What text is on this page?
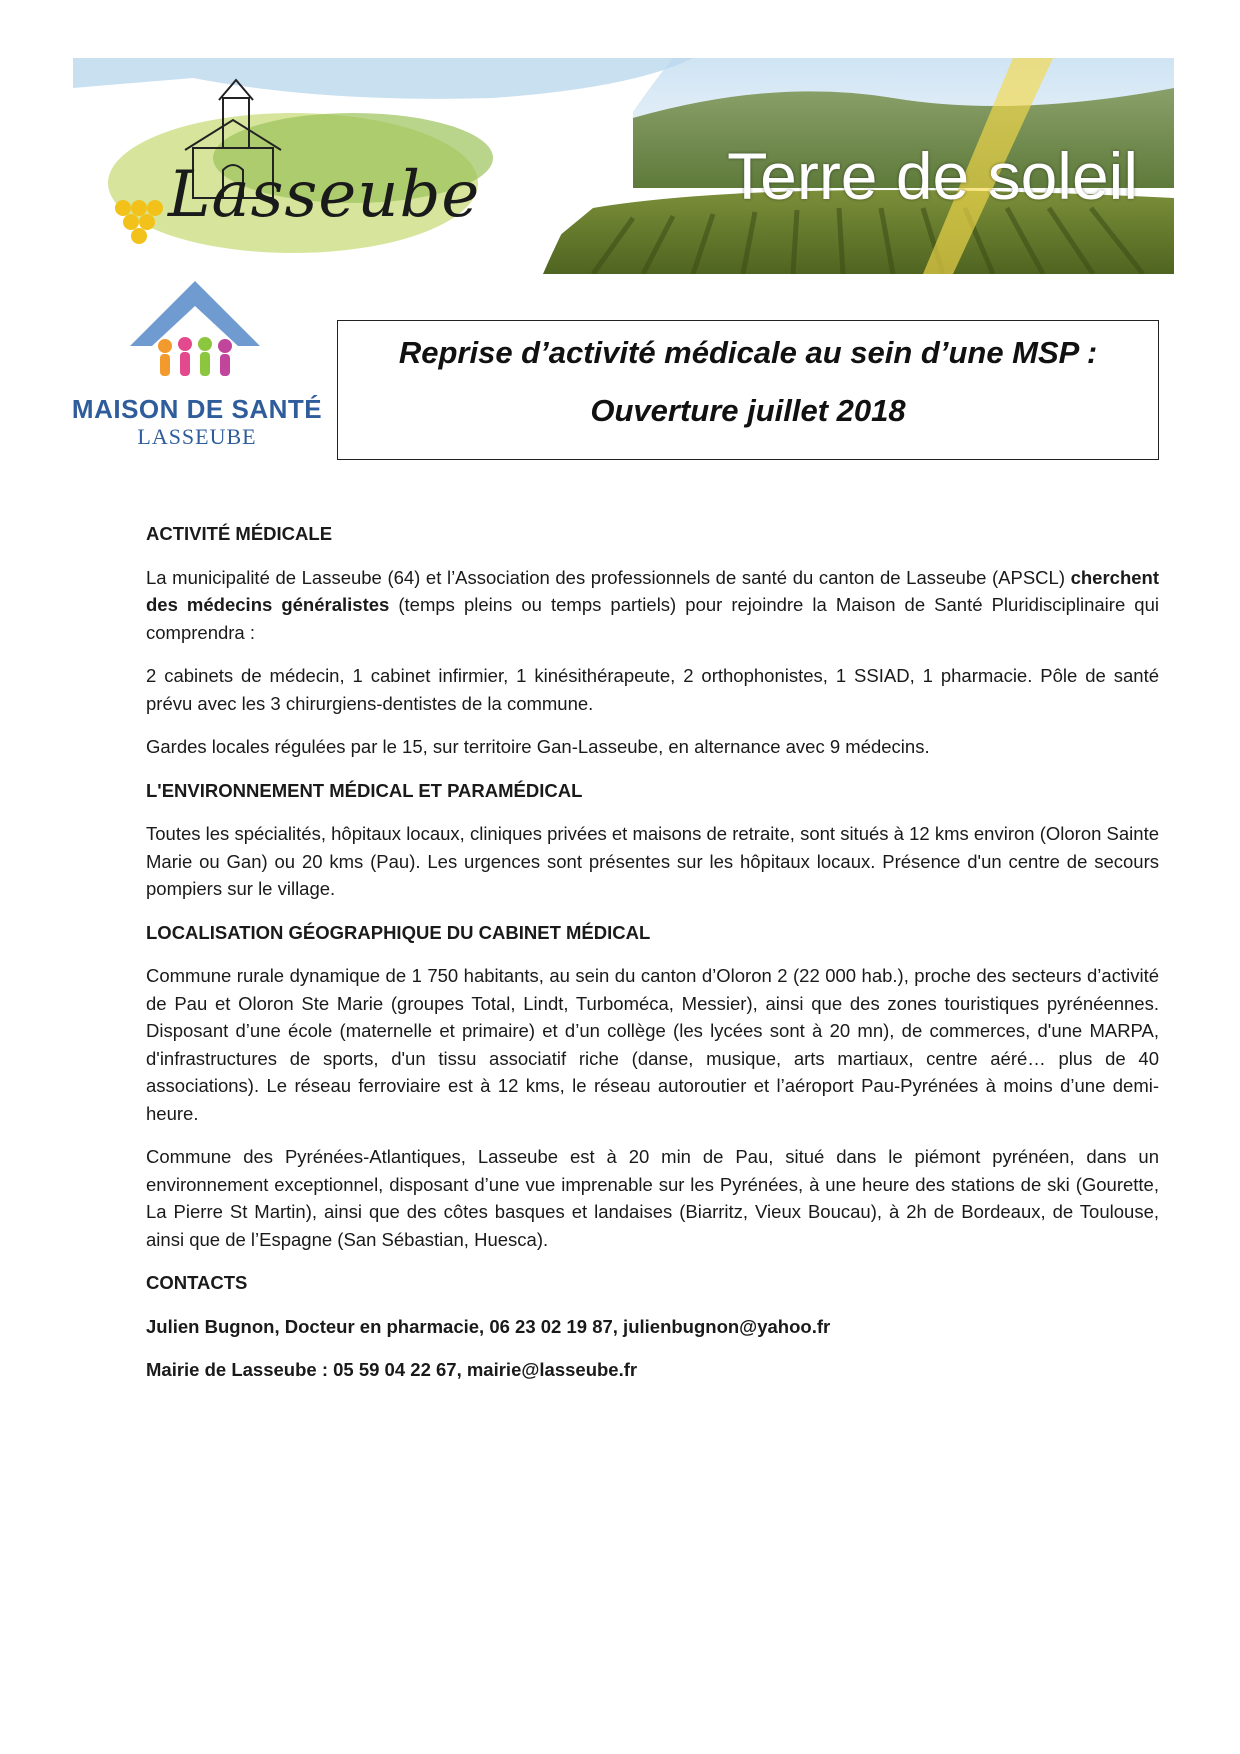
Lasseube	Terre de soleil
MAISON DE SANTÉ
LASSEUBE
Reprise d’activité médicale au sein d’une MSP :
Ouverture juillet 2018
ACTIVITÉ MÉDICALE

La municipalité de Lasseube (64) et l’Association des professionnels de santé du canton de Lasseube (APSCL) cherchent des médecins généralistes (temps pleins ou temps partiels) pour rejoindre la Maison de Santé Pluridisciplinaire qui comprendra :

2 cabinets de médecin, 1 cabinet infirmier, 1 kinésithérapeute, 2 orthophonistes, 1 SSIAD, 1 pharmacie. Pôle de santé prévu avec les 3 chirurgiens-dentistes de la commune.

Gardes locales régulées par le 15, sur territoire Gan-Lasseube, en alternance avec 9 médecins.

L'ENVIRONNEMENT MÉDICAL ET PARAMÉDICAL

Toutes les spécialités, hôpitaux locaux, cliniques privées et maisons de retraite, sont situés à 12 kms environ (Oloron Sainte Marie ou Gan) ou 20 kms (Pau). Les urgences sont présentes sur les hôpitaux locaux. Présence d'un centre de secours pompiers sur le village.

LOCALISATION GÉOGRAPHIQUE DU CABINET MÉDICAL

Commune rurale dynamique de 1 750 habitants, au sein du canton d’Oloron 2 (22 000 hab.), proche des secteurs d’activité de Pau et Oloron Ste Marie (groupes Total, Lindt, Turboméca, Messier), ainsi que des zones touristiques pyrénéennes. Disposant d’une école (maternelle et primaire) et d’un collège (les lycées sont à 20 mn), de commerces, d'une MARPA, d'infrastructures de sports, d'un tissu associatif riche (danse, musique, arts martiaux, centre aéré… plus de 40 associations). Le réseau ferroviaire est à 12 kms, le réseau autoroutier et l’aéroport Pau-Pyrénées à moins d’une demi-heure.

Commune des Pyrénées-Atlantiques, Lasseube est à 20 min de Pau, situé dans le piémont pyrénéen, dans un environnement exceptionnel, disposant d’une vue imprenable sur les Pyrénées, à une heure des stations de ski (Gourette, La Pierre St Martin), ainsi que des côtes basques et landaises (Biarritz, Vieux Boucau), à 2h de Bordeaux, de Toulouse, ainsi que de l’Espagne (San Sébastian, Huesca).

CONTACTS

Julien Bugnon, Docteur en pharmacie, 06 23 02 19 87, julienbugnon@yahoo.fr

Mairie de Lasseube : 05 59 04 22 67, mairie@lasseube.fr
